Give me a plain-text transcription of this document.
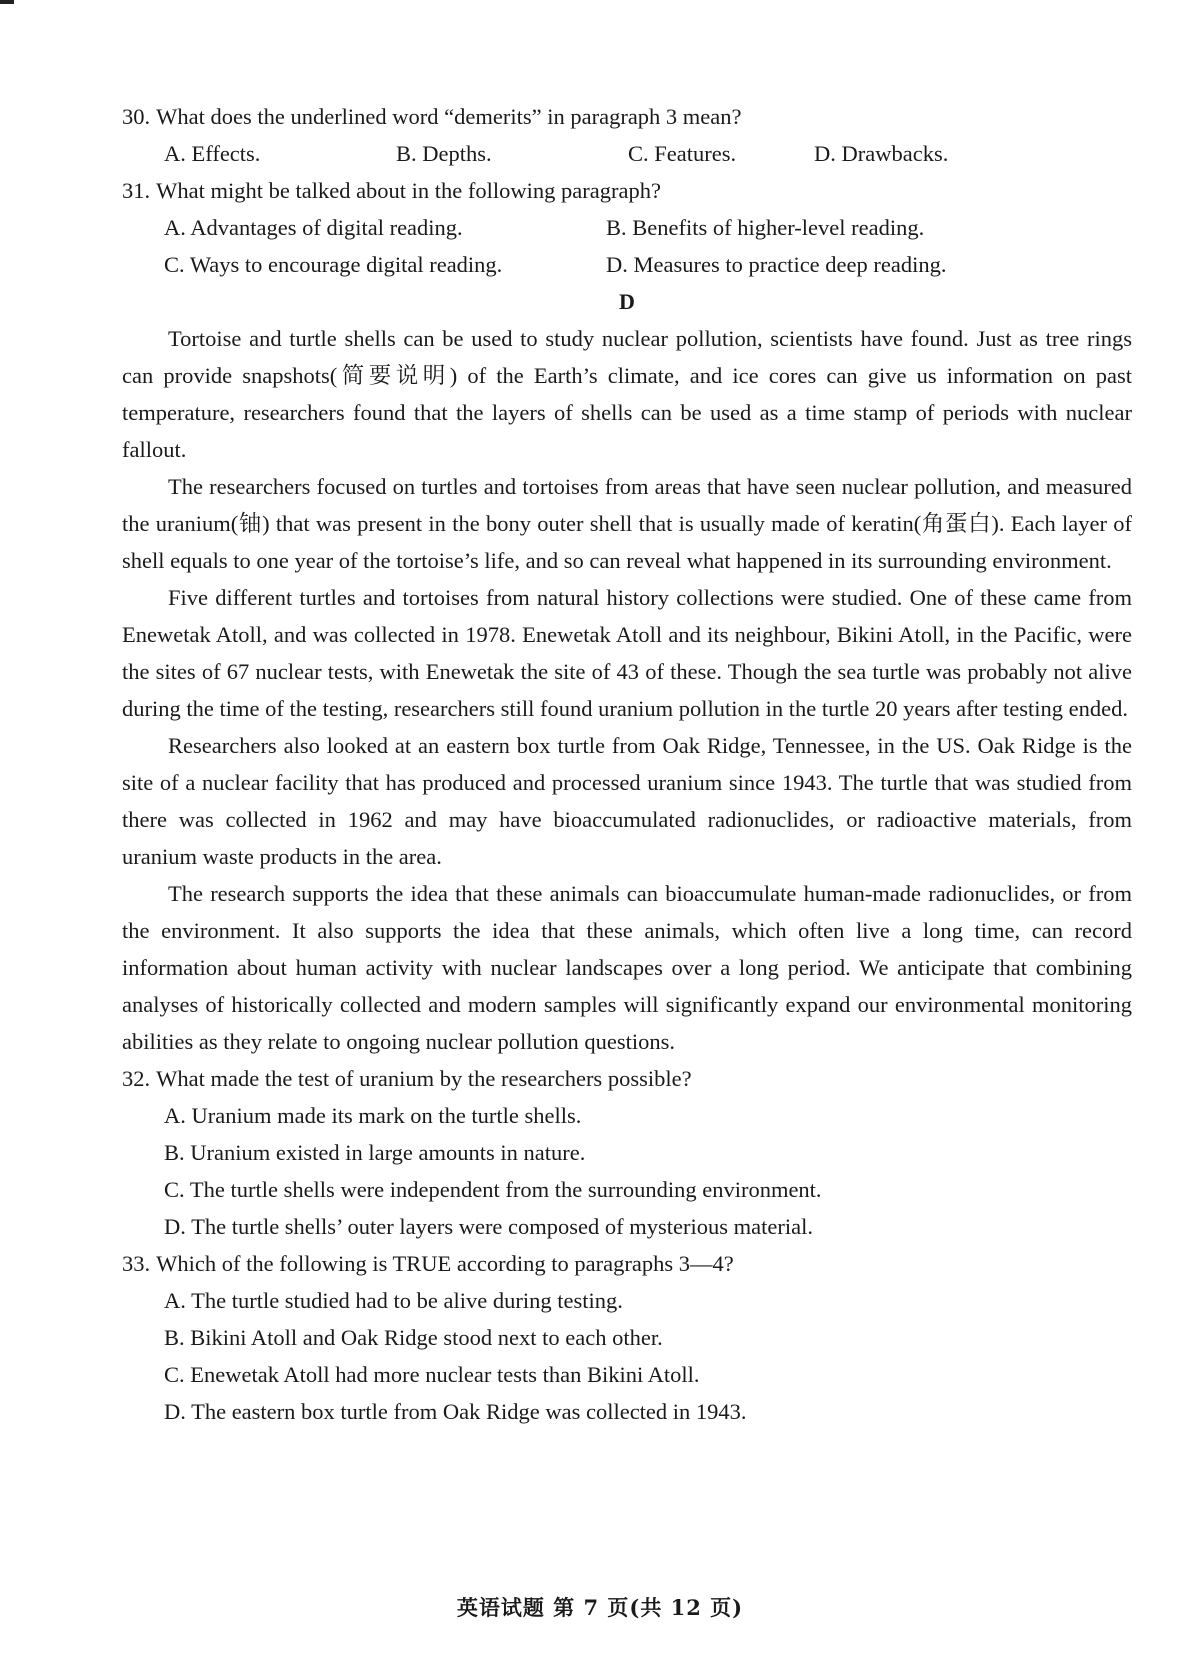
30. What does the underlined word “demerits” in paragraph 3 mean?

A. Effects.	B. Depths.	C. Features.	D. Drawbacks.

31. What might be talked about in the following paragraph?

A. Advantages of digital reading.	B. Benefits of higher-level reading.
C. Ways to encourage digital reading.	D. Measures to practice deep reading.

D

Tortoise and turtle shells can be used to study nuclear pollution, scientists have found. Just as tree rings can provide snapshots(简要说明) of the Earth’s climate, and ice cores can give us information on past temperature, researchers found that the layers of shells can be used as a time stamp of periods with nuclear fallout.

The researchers focused on turtles and tortoises from areas that have seen nuclear pollution, and measured the uranium(铀) that was present in the bony outer shell that is usually made of keratin(角蛋白). Each layer of shell equals to one year of the tortoise’s life, and so can reveal what happened in its surrounding environment.

Five different turtles and tortoises from natural history collections were studied. One of these came from Enewetak Atoll, and was collected in 1978. Enewetak Atoll and its neighbour, Bikini Atoll, in the Pacific, were the sites of 67 nuclear tests, with Enewetak the site of 43 of these. Though the sea turtle was probably not alive during the time of the testing, researchers still found uranium pollution in the turtle 20 years after testing ended.

Researchers also looked at an eastern box turtle from Oak Ridge, Tennessee, in the US. Oak Ridge is the site of a nuclear facility that has produced and processed uranium since 1943. The turtle that was studied from there was collected in 1962 and may have bioaccumulated radionuclides, or radioactive materials, from uranium waste products in the area.

The research supports the idea that these animals can bioaccumulate human-made radionuclides, or from the environment. It also supports the idea that these animals, which often live a long time, can record information about human activity with nuclear landscapes over a long period. We anticipate that combining analyses of historically collected and modern samples will significantly expand our environmental monitoring abilities as they relate to ongoing nuclear pollution questions.

32. What made the test of uranium by the researchers possible?

A. Uranium made its mark on the turtle shells.

B. Uranium existed in large amounts in nature.

C. The turtle shells were independent from the surrounding environment.

D. The turtle shells’ outer layers were composed of mysterious material.

33. Which of the following is TRUE according to paragraphs 3—4?

A. The turtle studied had to be alive during testing.

B. Bikini Atoll and Oak Ridge stood next to each other.

C. Enewetak Atoll had more nuclear tests than Bikini Atoll.

D. The eastern box turtle from Oak Ridge was collected in 1943.

英语试题 第 7 页(共 12 页)
